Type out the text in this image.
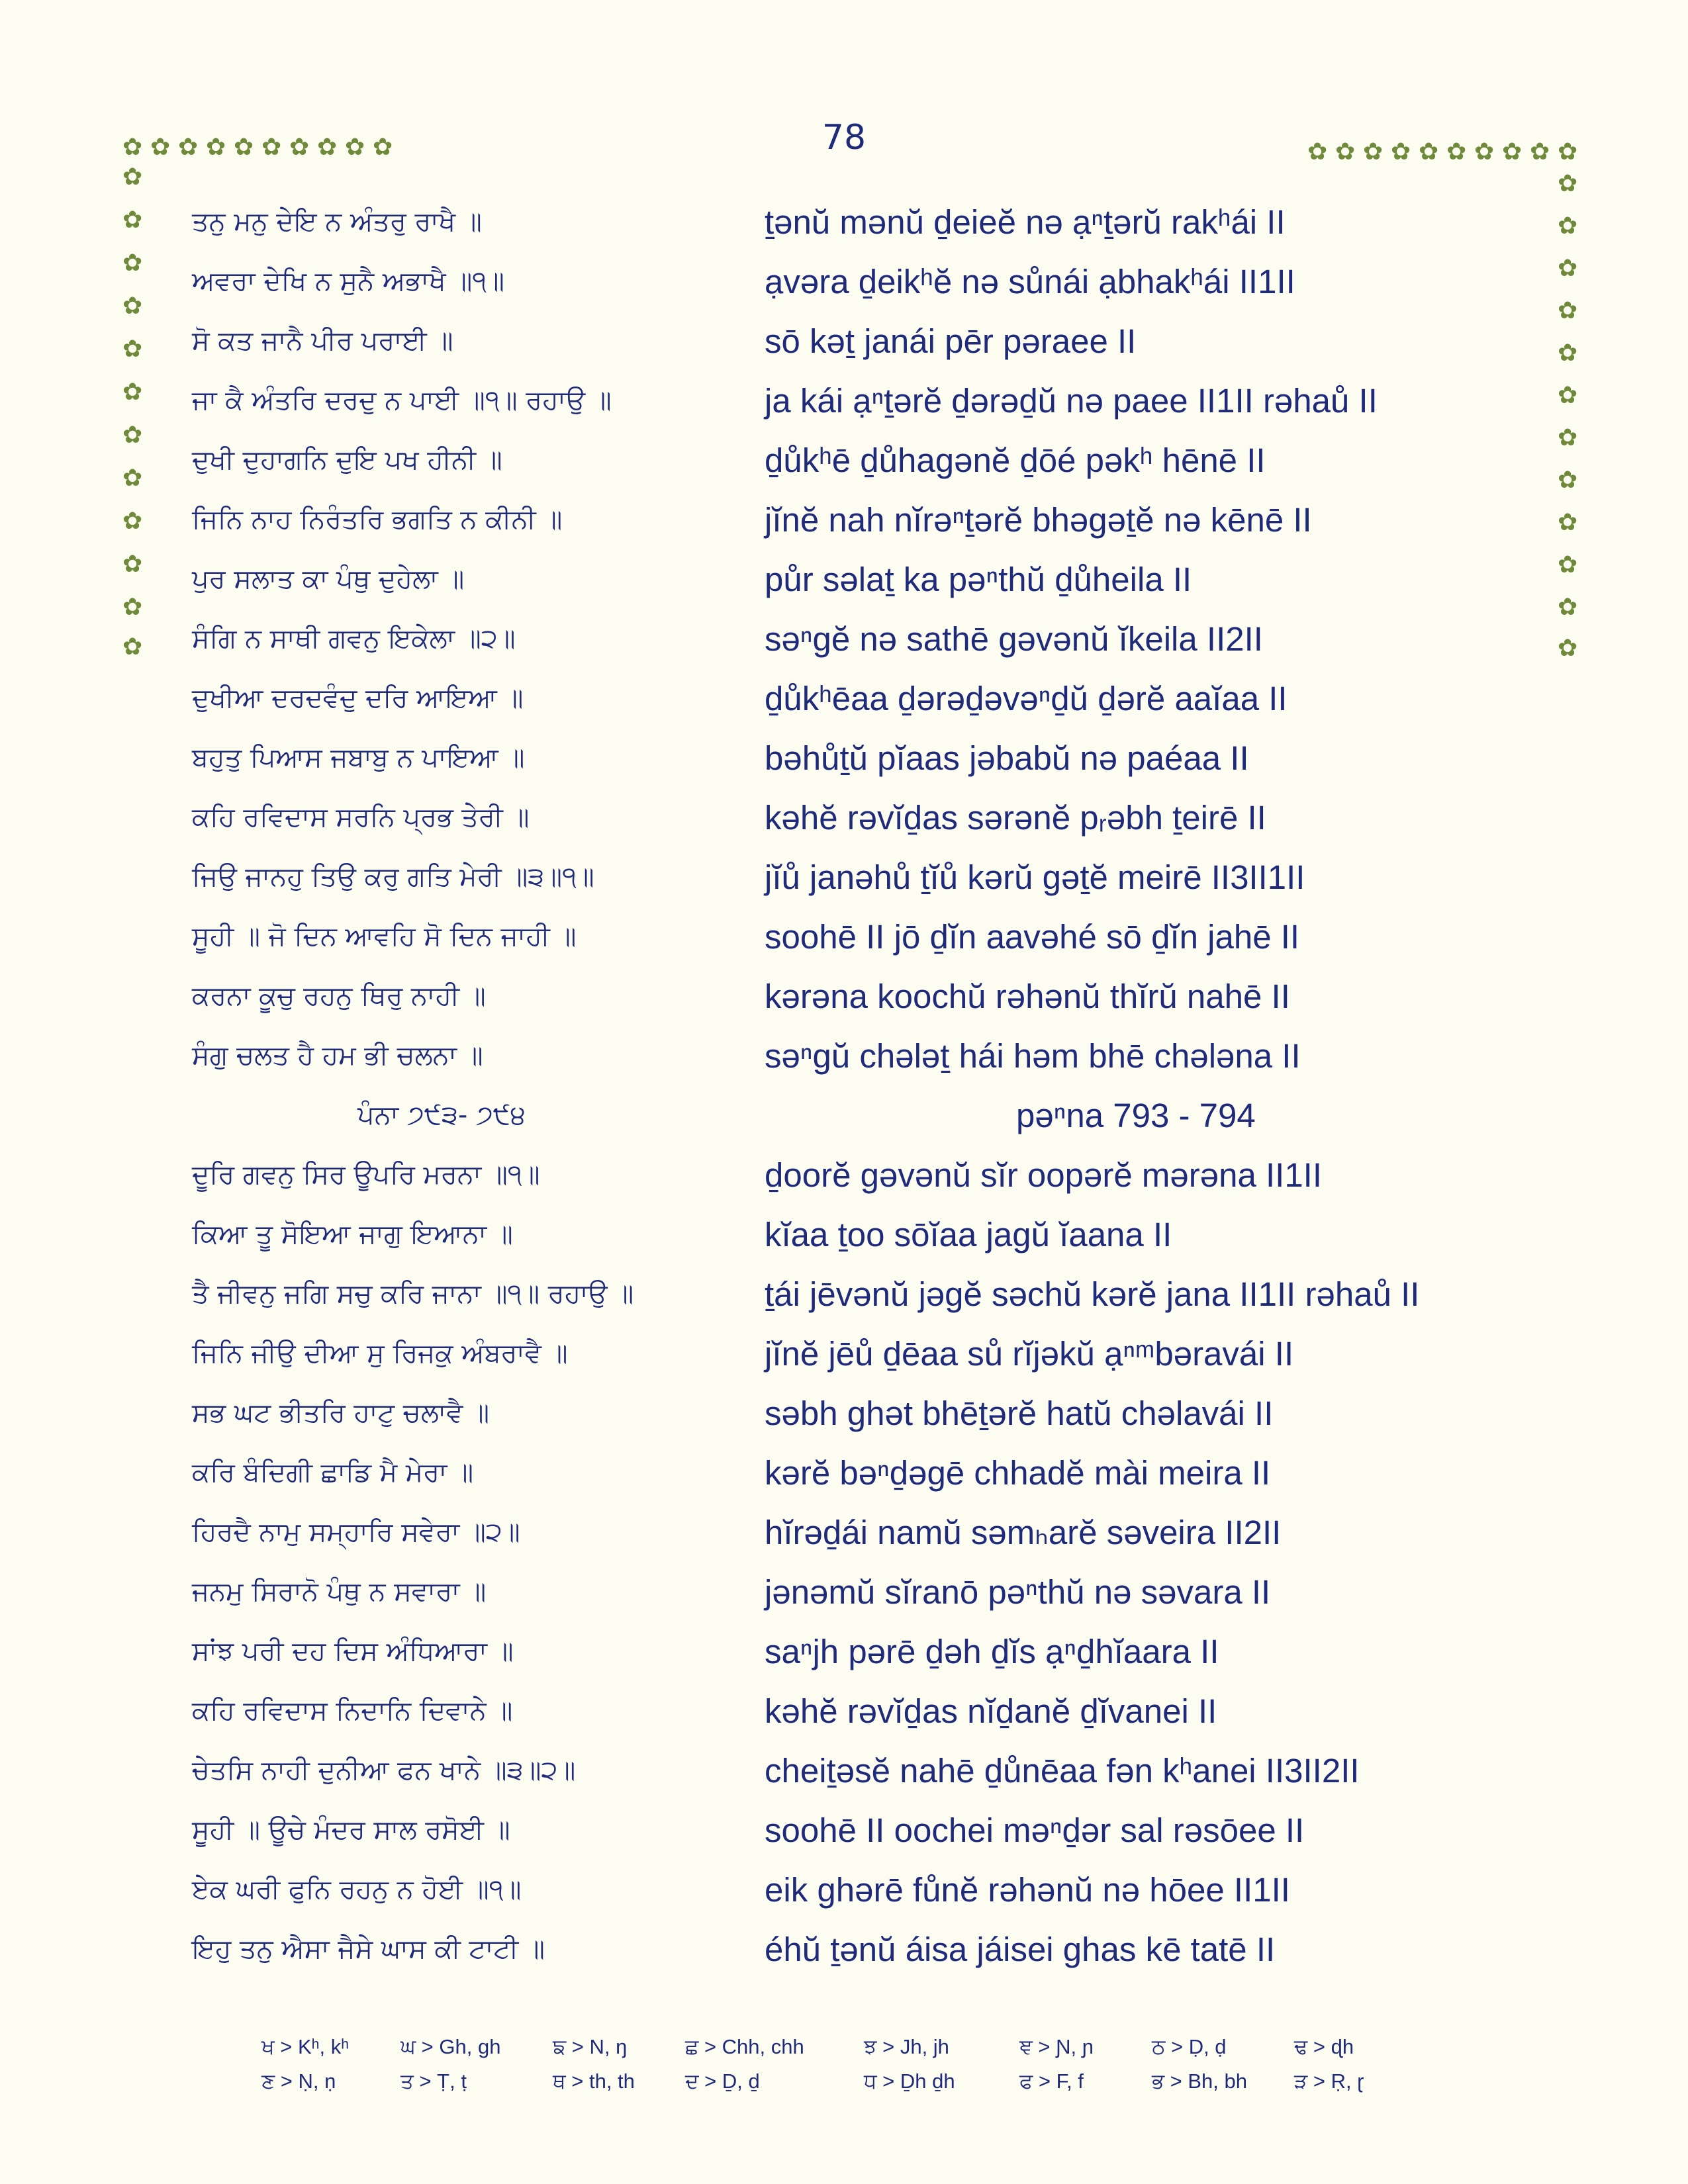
78
✿ ✿ ✿ ✿ ✿ ✿ ✿ ✿ ✿ ✿
✿
✿
✿
✿
✿
✿
✿
✿
✿
✿
✿
✿
✿ ✿ ✿ ✿ ✿ ✿ ✿ ✿ ✿ ✿
✿
✿
✿
✿
✿
✿
✿
✿
✿
✿
✿
✿
ਤਨੁ ਮਨੁ ਦੇਇ ਨ ਅੰਤਰੁ ਰਾਖੈ ॥	ṯənŭ mənŭ ḏeieĕ nə ạⁿṯərŭ rakʰái II
ਅਵਰਾ ਦੇਖਿ ਨ ਸੁਨੈ ਅਭਾਖੈ ॥੧॥	ạvəra ḏeikʰĕ nə sůnái ạbhakʰái II1II
ਸੋ ਕਤ ਜਾਨੈ ਪੀਰ ਪਰਾਈ ॥	sō kəṯ janái pēr pəraee II
ਜਾ ਕੈ ਅੰਤਰਿ ਦਰਦੁ ਨ ਪਾਈ ॥੧॥ ਰਹਾਉ ॥	ja kái ạⁿṯərĕ ḏərəḏŭ nə paee II1II rəhaů II
ਦੁਖੀ ਦੁਹਾਗਨਿ ਦੁਇ ਪਖ ਹੀਨੀ ॥	ḏůkʰē ḏůhagənĕ ḏōé pəkʰ hēnē II
ਜਿਨਿ ਨਾਹ ਨਿਰੰਤਰਿ ਭਗਤਿ ਨ ਕੀਨੀ ॥	jĭnĕ nah nĭrəⁿṯərĕ bhəgəṯĕ nə kēnē II
ਪੁਰ ਸਲਾਤ ਕਾ ਪੰਥੁ ਦੁਹੇਲਾ ॥	půr səlaṯ ka pəⁿthŭ ḏůheila II
ਸੰਗਿ ਨ ਸਾਥੀ ਗਵਨੁ ਇਕੇਲਾ ॥੨॥	səⁿgĕ nə sathē gəvənŭ ĭkeila II2II
ਦੁਖੀਆ ਦਰਦਵੰਦੁ ਦਰਿ ਆਇਆ ॥	ḏůkʰēaa ḏərəḏəvəⁿḏŭ ḏərĕ aaĭaa II
ਬਹੁਤੁ ਪਿਆਸ ਜਬਾਬੁ ਨ ਪਾਇਆ ॥	bəhůṯŭ pĭaas jəbabŭ nə paéaa II
ਕਹਿ ਰਵਿਦਾਸ ਸਰਨਿ ਪ੍ਰਭ ਤੇਰੀ ॥	kəhĕ rəvĭḏas sərənĕ pᵣəbh ṯeirē II
ਜਿਉ ਜਾਨਹੁ ਤਿਉ ਕਰੁ ਗਤਿ ਮੇਰੀ ॥੩॥੧॥	jĭů janəhů ṯĭů kərŭ gəṯĕ meirē II3II1II
ਸੂਹੀ ॥ ਜੋ ਦਿਨ ਆਵਹਿ ਸੋ ਦਿਨ ਜਾਹੀ ॥	soohē II jō ḏĭn aavəhé sō ḏĭn jahē II
ਕਰਨਾ ਕੂਚੁ ਰਹਨੁ ਥਿਰੁ ਨਾਹੀ ॥	kərəna koochŭ rəhənŭ thĭrŭ nahē II
ਸੰਗੁ ਚਲਤ ਹੈ ਹਮ ਭੀ ਚਲਨਾ ॥	səⁿgŭ chələṯ hái həm bhē chələna II
ਪੰਨਾ ੭੯੩- ੭੯੪	pəⁿna 793 - 794
ਦੂਰਿ ਗਵਨੁ ਸਿਰ ਊਪਰਿ ਮਰਨਾ ॥੧॥	ḏoorĕ gəvənŭ sĭr oopərĕ mərəna II1II
ਕਿਆ ਤੂ ਸੋਇਆ ਜਾਗੁ ਇਆਨਾ ॥	kĭaa ṯoo sōĭaa jagŭ ĭaana II
ਤੈ ਜੀਵਨੁ ਜਗਿ ਸਚੁ ਕਰਿ ਜਾਨਾ ॥੧॥ ਰਹਾਉ ॥	ṯái jēvənŭ jəgĕ səchŭ kərĕ jana II1II rəhaů II
ਜਿਨਿ ਜੀਉ ਦੀਆ ਸੁ ਰਿਜਕੁ ਅੰਬਰਾਵੈ ॥	jĭnĕ jēů ḏēaa sů rĭjəkŭ ạⁿᵐbəravái II
ਸਭ ਘਟ ਭੀਤਰਿ ਹਾਟੁ ਚਲਾਵੈ ॥	səbh ghət bhēṯərĕ hatŭ chəlavái II
ਕਰਿ ਬੰਦਿਗੀ ਛਾਡਿ ਮੈ ਮੇਰਾ ॥	kərĕ bəⁿḏəgē chhadĕ mài meira II
ਹਿਰਦੈ ਨਾਮੁ ਸਮ੍ਹਾਰਿ ਸਵੇਰਾ ॥੨॥	hĭrəḏái namŭ səmₕarĕ səveira II2II
ਜਨਮੁ ਸਿਰਾਨੋ ਪੰਥੁ ਨ ਸਵਾਰਾ ॥	jənəmŭ sĭranō pəⁿthŭ nə səvara II
ਸਾਂਝ ਪਰੀ ਦਹ ਦਿਸ ਅੰਧਿਆਰਾ ॥	saⁿjh pərē ḏəh ḏĭs ạⁿḏhĭaara II
ਕਹਿ ਰਵਿਦਾਸ ਨਿਦਾਨਿ ਦਿਵਾਨੇ ॥	kəhĕ rəvĭḏas nĭḏanĕ ḏĭvanei II
ਚੇਤਸਿ ਨਾਹੀ ਦੁਨੀਆ ਫਨ ਖਾਨੇ ॥੩॥੨॥	cheiṯəsĕ nahē ḏůnēaa fən kʰanei II3II2II
ਸੂਹੀ ॥ ਊਚੇ ਮੰਦਰ ਸਾਲ ਰਸੋਈ ॥	soohē II oochei məⁿḏər sal rəsōee II
ਏਕ ਘਰੀ ਫੁਨਿ ਰਹਨੁ ਨ ਹੋਈ ॥੧॥	eik ghərē fůnĕ rəhənŭ nə hōee II1II
ਇਹੁ ਤਨੁ ਐਸਾ ਜੈਸੇ ਘਾਸ ਕੀ ਟਾਟੀ ॥	éhŭ ṯənŭ áisa jáisei ghas kē tatē II
ਖ > Kʰ, kʰ	ਘ > Gh, gh	ਙ > N, ŋ	ਛ > Chh, chh	ਝ > Jh, jh	ਞ > Ɲ, ɲ	ਠ > Ḍ, ḍ	ਢ > ɖh
ਣ > Ṇ, ṇ	ਤ > Ṭ, ṭ	ਥ > th, th ਦ > Ḏ, ḏ	ਧ > Ḏh ḏh	ਫ > F, f	ਭ > Bh, bh ੜ > Ṛ, ɽ
